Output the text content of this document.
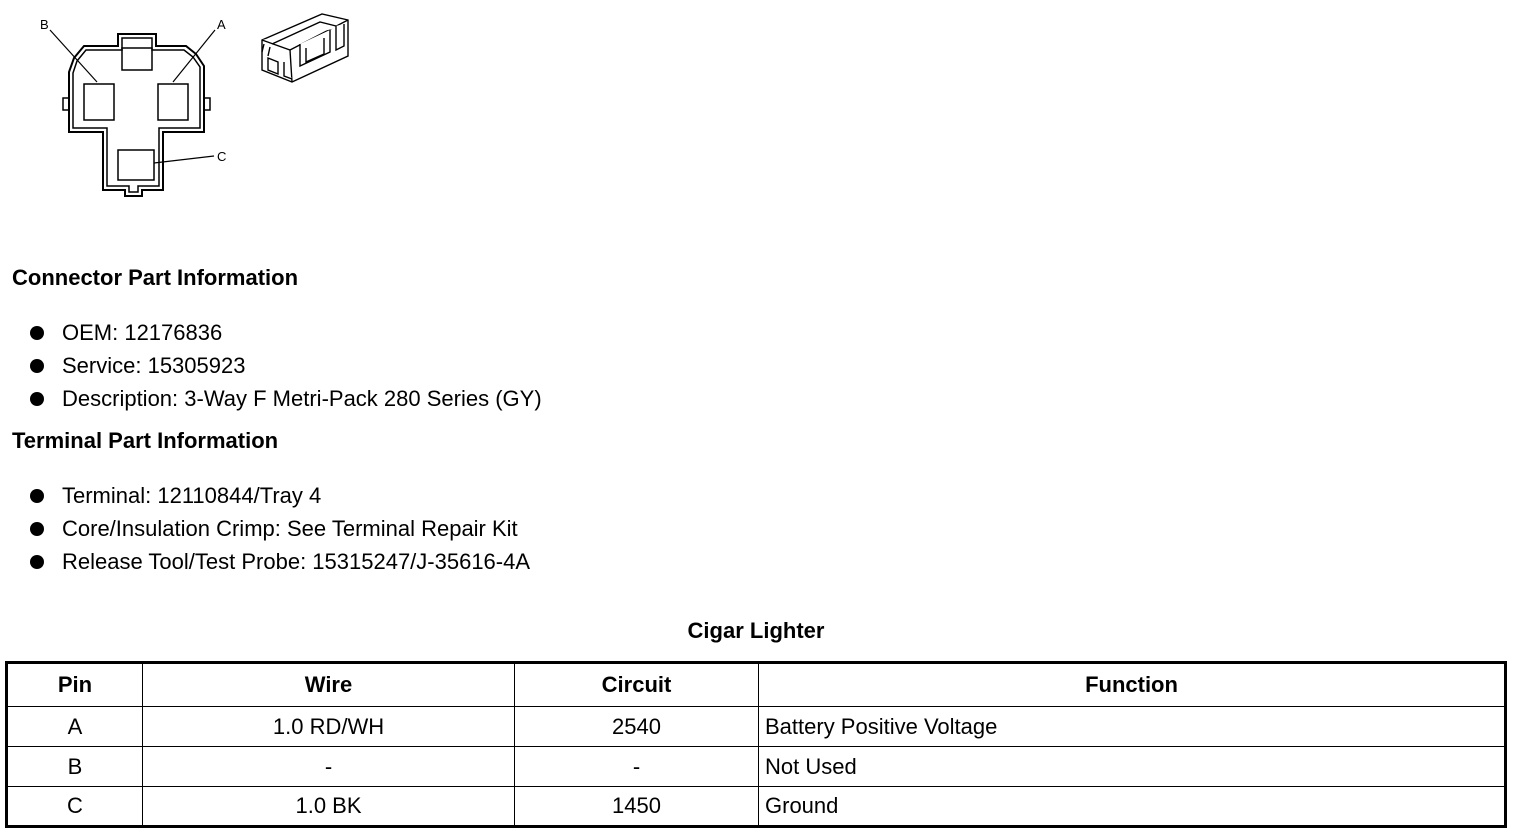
B	A
C
Connector Part Information
OEM: 12176836
Service: 15305923
Description: 3-Way F Metri-Pack 280 Series (GY)
Terminal Part Information
Terminal: 12110844/Tray 4
Core/Insulation Crimp: See Terminal Repair Kit
Release Tool/Test Probe: 15315247/J-35616-4A
Cigar Lighter
Pin	Wire	Circuit	Function
A	1.0 RD/WH	2540	Battery Positive Voltage
B	-	-	Not Used
C	1.0 BK	1450	Ground
